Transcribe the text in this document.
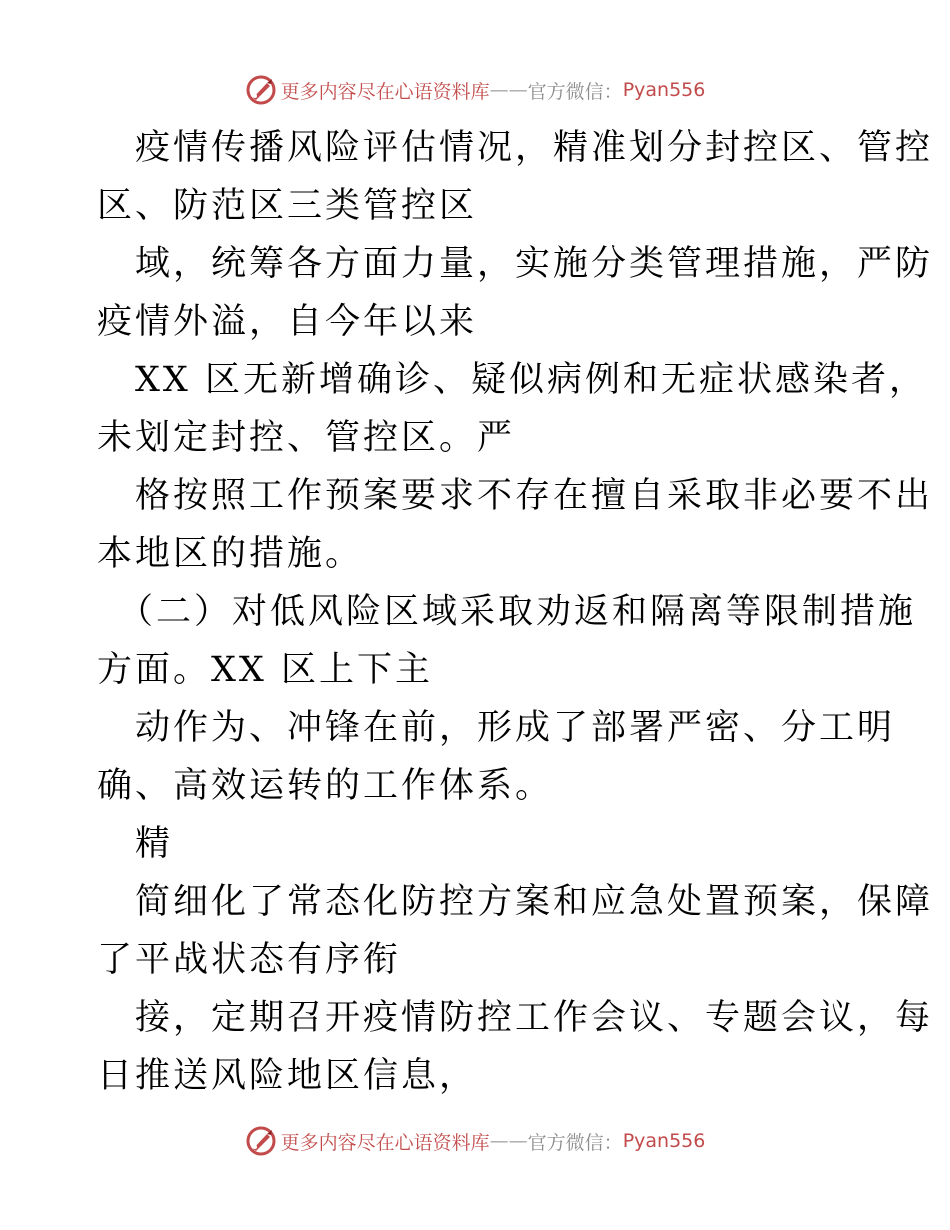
更多内容尽在心语资料库 —— 官方微信： Pyan556
疫情传播风险评估情况，精准划分封控区、管控
区、防范区三类管控区
域，统筹各方面力量，实施分类管理措施，严防
疫情外溢，自今年以来
XX 区无新增确诊、疑似病例和无症状感染者，
未划定封控、管控区。严
格按照工作预案要求不存在擅自采取非必要不出
本地区的措施。
（二）对低风险区域采取劝返和隔离等限制措施
方面。XX 区上下主
动作为、冲锋在前，形成了部署严密、分工明
确、高效运转的工作体系。
精
简细化了常态化防控方案和应急处置预案，保障
了平战状态有序衔
接，定期召开疫情防控工作会议、专题会议，每
日推送风险地区信息，
更多内容尽在心语资料库 —— 官方微信： Pyan556
